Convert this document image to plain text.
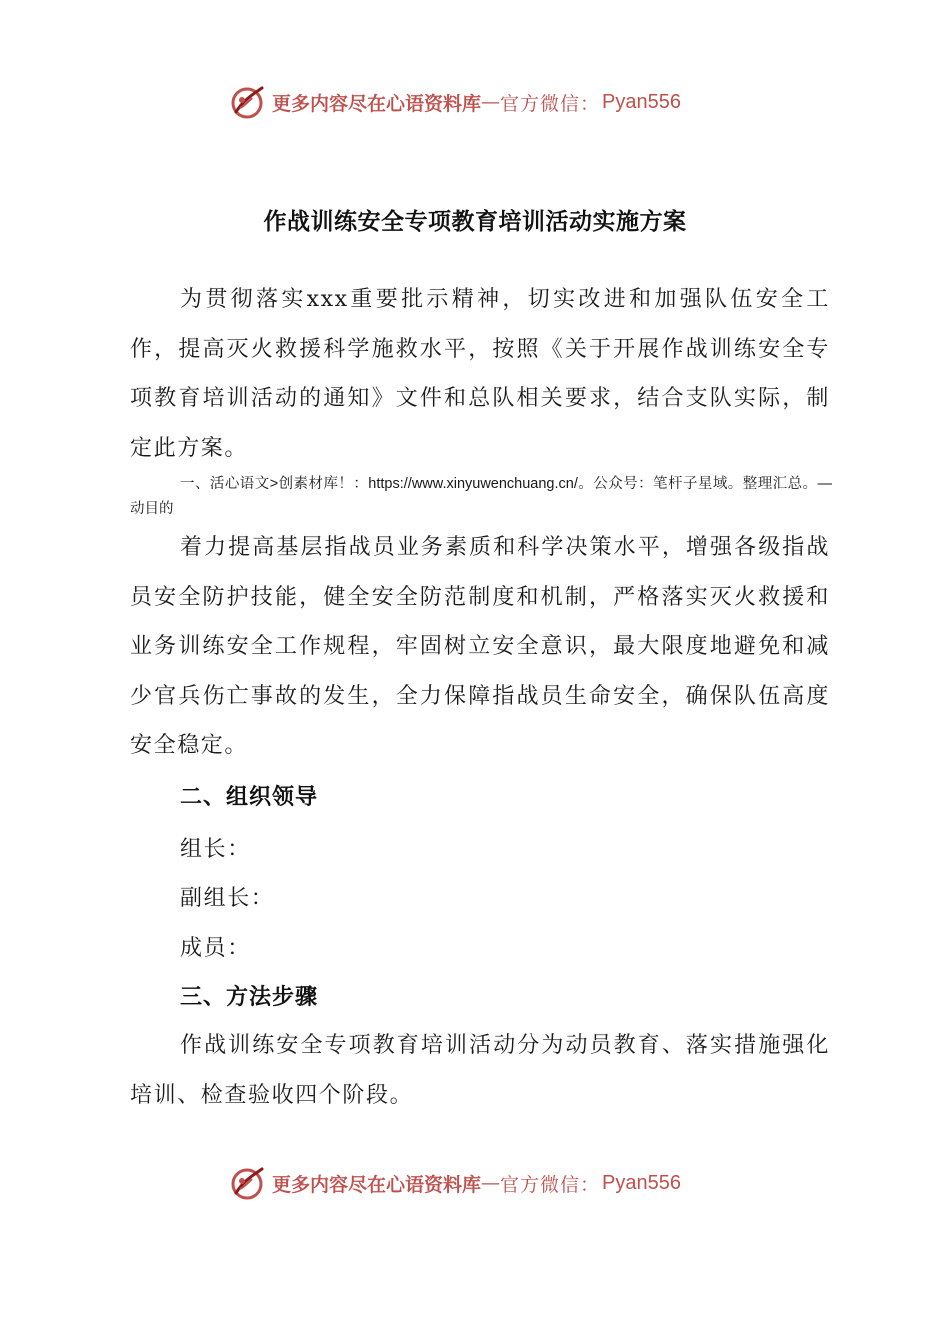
更多内容尽在心语资料库 — 官方微信： Pyan556
作战训练安全专项教育培训活动实施方案

为贯彻落实xxx重要批示精神，切实改进和加强队伍安全工作，提高灭火救援科学施救水平，按照《关于开展作战训练安全专项教育培训活动的通知》文件和总队相关要求，结合支队实际，制定此方案。

一、活心语文>创素材库！：https://www.xinyuwenchuang.cn/。公众号：笔杆子星域。整理汇总。—动目的

着力提高基层指战员业务素质和科学决策水平，增强各级指战员安全防护技能，健全安全防范制度和机制，严格落实灭火救援和业务训练安全工作规程，牢固树立安全意识，最大限度地避免和减少官兵伤亡事故的发生，全力保障指战员生命安全，确保队伍高度安全稳定。

二、组织领导

组长：

副组长：

成员：

三、方法步骤

作战训练安全专项教育培训活动分为动员教育、落实措施强化培训、检查验收四个阶段。

更多内容尽在心语资料库 — 官方微信： Pyan556
